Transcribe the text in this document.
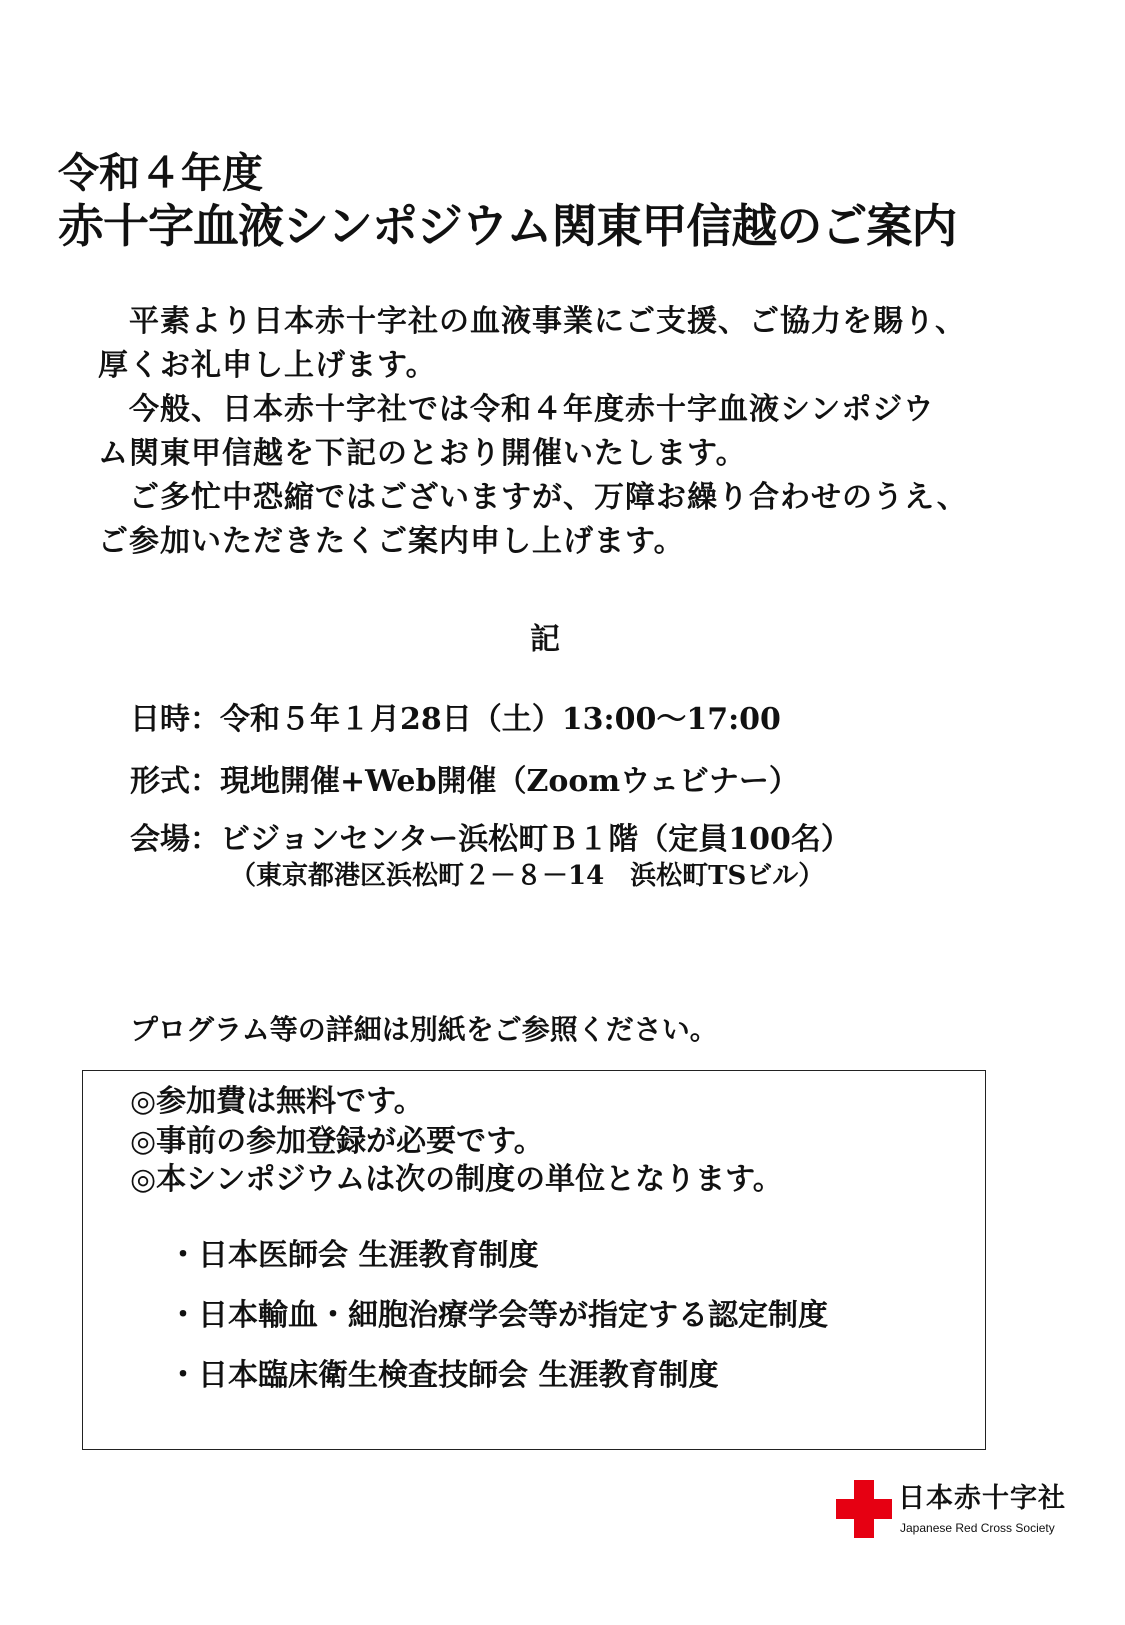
令和４年度
赤十字血液シンポジウム関東甲信越のご案内
　平素より日本赤十字社の血液事業にご支援、ご協力を賜り、
厚くお礼申し上げます。
　今般、日本赤十字社では令和４年度赤十字血液シンポジウ
ム関東甲信越を下記のとおり開催いたします。
　ご多忙中恐縮ではございますが、万障お繰り合わせのうえ、
ご参加いただきたくご案内申し上げます。
記
日時：令和５年１月28日（土）13:00～17:00
形式：現地開催+Web開催（Zoomウェビナー）
会場：ビジョンセンター浜松町Ｂ１階（定員100名）
（東京都港区浜松町２－８－14　浜松町TSビル）
プログラム等の詳細は別紙をご参照ください。
◎参加費は無料です。
◎事前の参加登録が必要です。
◎本シンポジウムは次の制度の単位となります。
・日本医師会 生涯教育制度
・日本輸血・細胞治療学会等が指定する認定制度
・日本臨床衛生検査技師会 生涯教育制度
日本赤十字社
Japanese Red Cross Society
